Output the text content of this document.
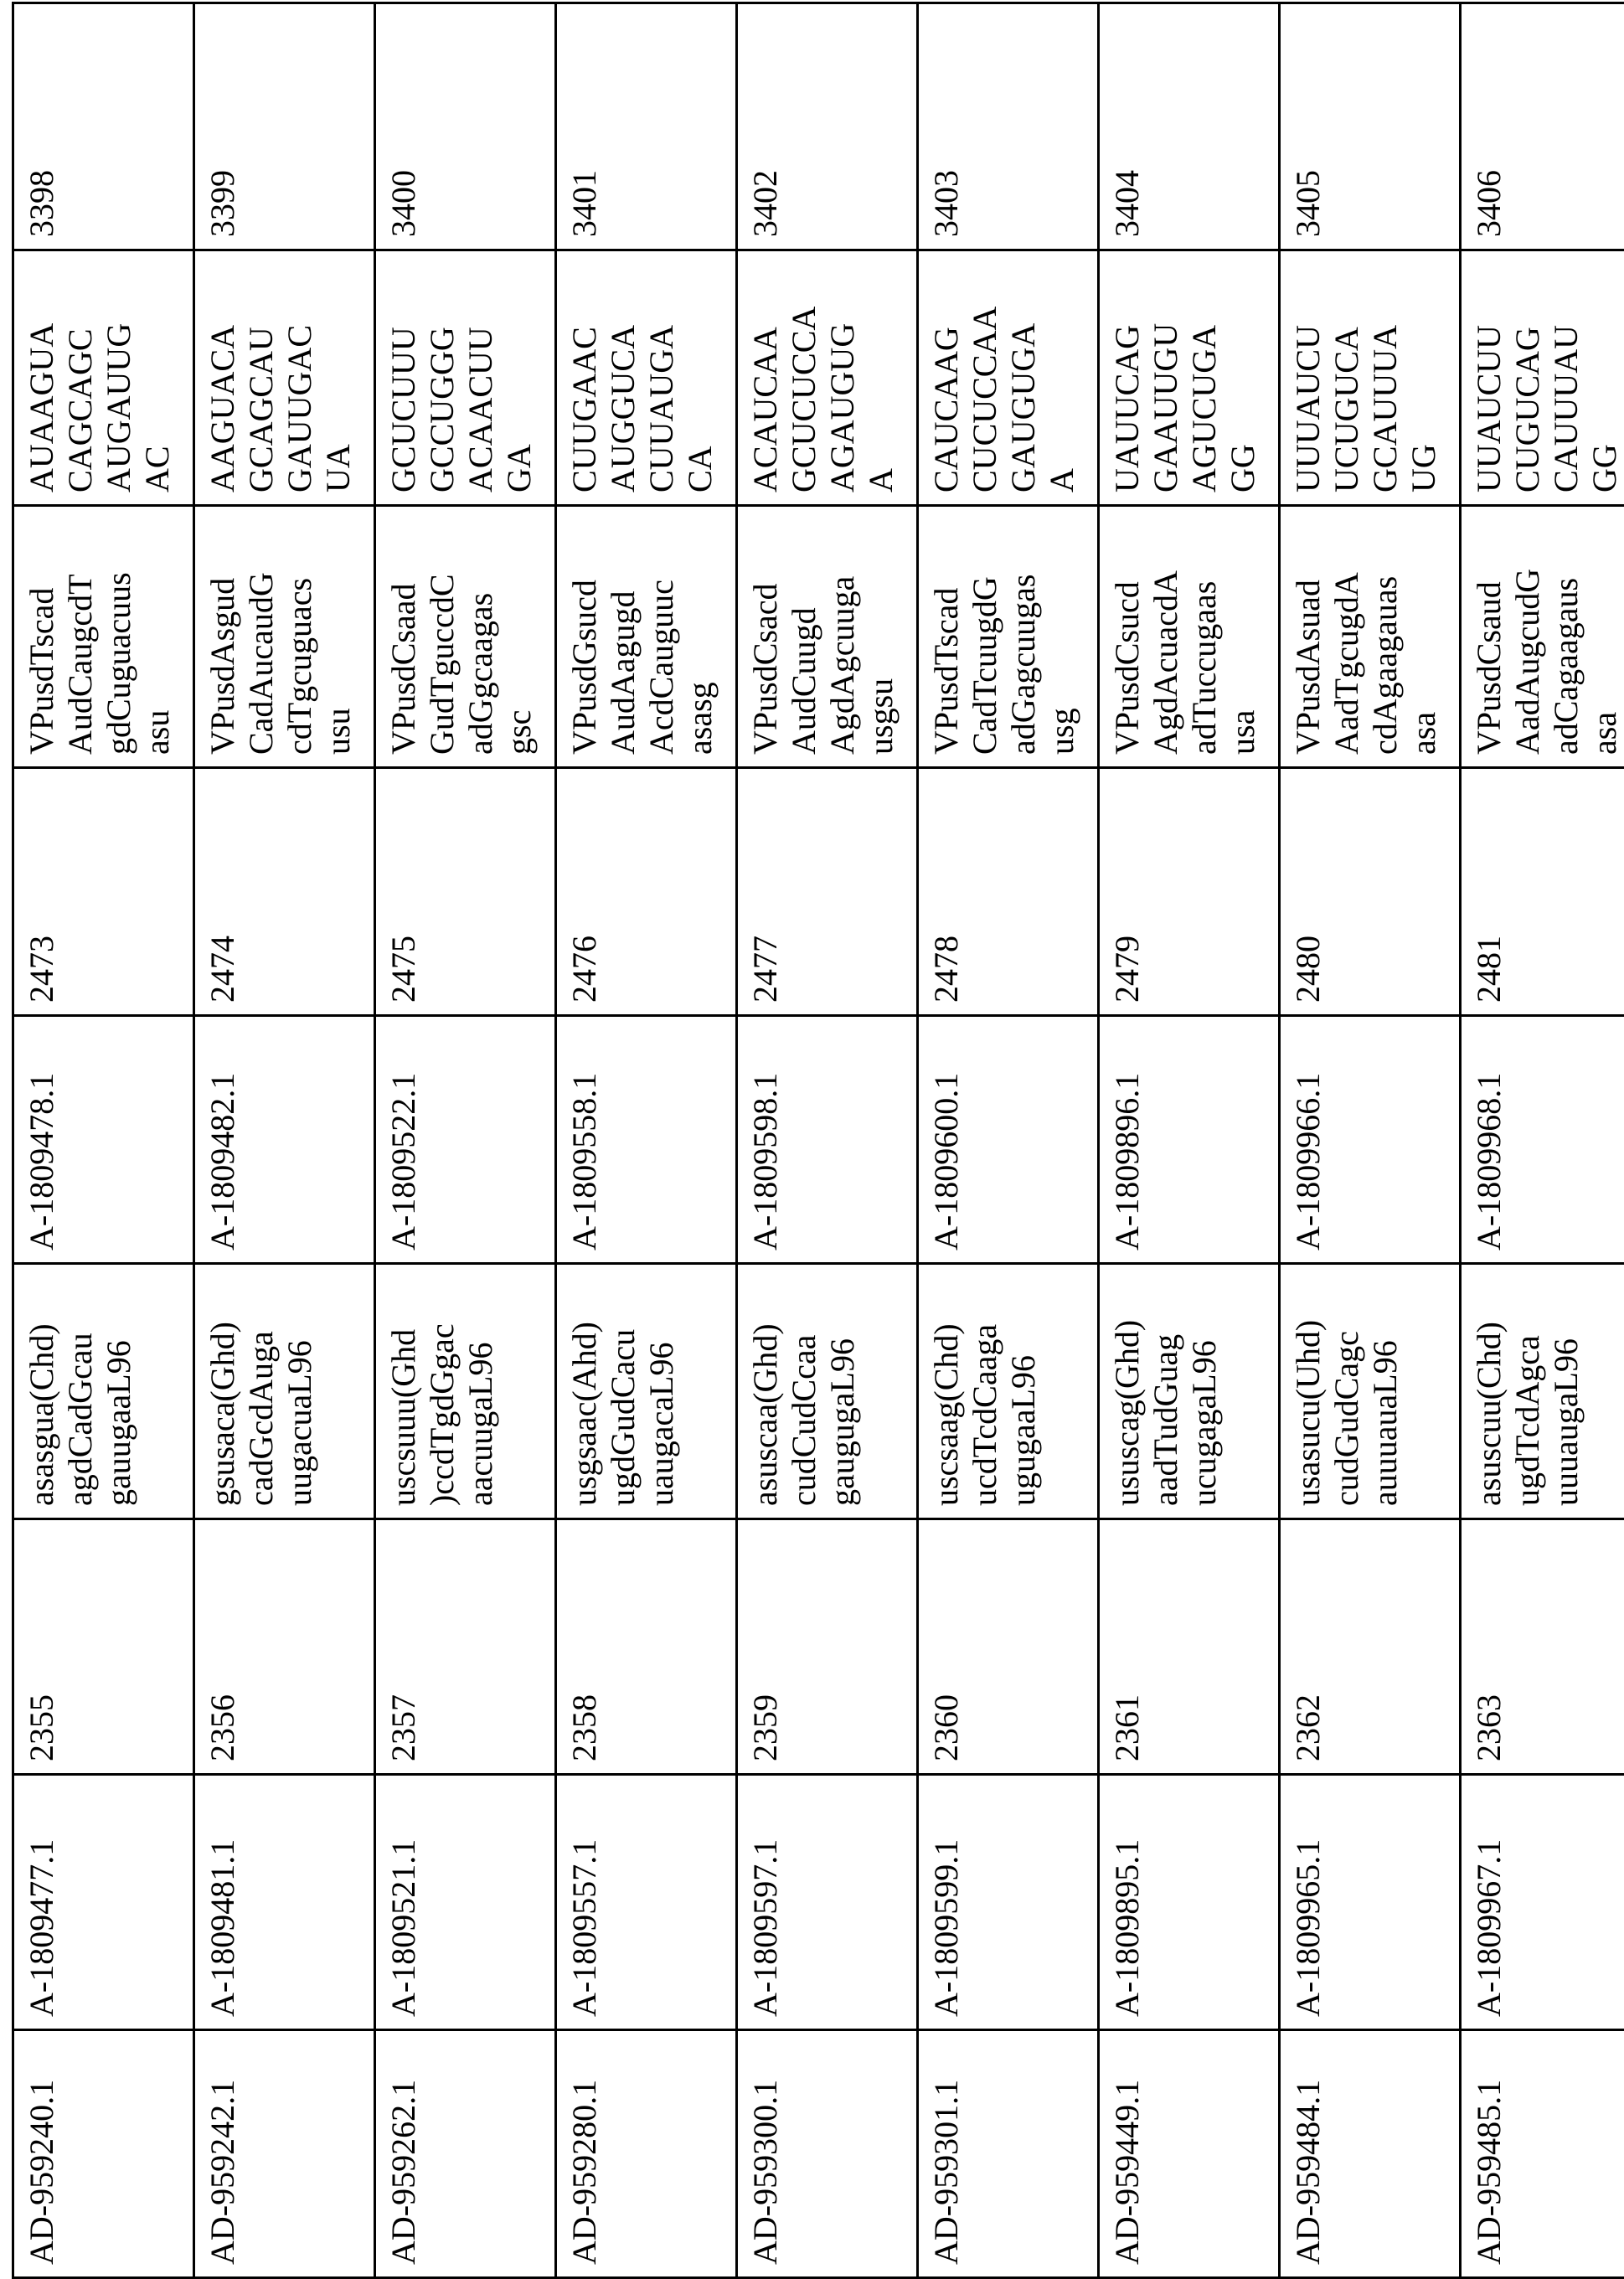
AD-959240.1

A-1809477.1

2355

asasgua(Chd) agdCadGcau gauugaaL96

A-1809478.1

2473

VPusdTscad AudCaugcdT gdCuguacuus asu

AUAAGUA CAGCAGC AUGAUUG AC

3398

AD-959242.1

A-1809481.1

2356

gsusaca(Ghd) cadGcdAuga uugacuaL96

A-1809482.1

2474

VPusdAsgud CadAucaudG cdTgcuguacs usu

AAGUACA GCAGCAU GAUUGAC UA

3399

AD-959262.1

A-1809521.1

2357

uscsuuu(Ghd )ccdTgdGgac aacuugaL96

A-1809522.1

2475

VPusdCsaad GudTguccdC adGgcaagas gsc

GCUCUUU GCCUGGG ACAACUU GA

3400

AD-959280.1

A-1809557.1

2358

usgsaac(Ahd) ugdGudCacu uaugacaL96

A-1809558.1

2476

VPusdGsucd AudAagugd AcdCauguuc asasg

CUUGAAC AUGGUCA CUUAUGA CA

3401

AD-959300.1

A-1809597.1

2359

asuscaa(Ghd) cudCudCcaa gaugugaL96

A-1809598.1

2477

VPusdCsacd AudCuugd AgdAgcuuga usgsu

ACAUCAA GCUCUCCA AGAUGUG A

3402

AD-959301.1

A-1809599.1

2360

uscsaag(Chd) ucdTcdCaaga ugugaaL96

A-1809600.1

2478

VPusdTscad CadTcuugdG adGagcuugas usg

CAUCAAG CUCUCCAA GAUGUGA A

3403

AD-959449.1

A-1809895.1

2361

ususcag(Ghd) aadTudGuag ucugagaL96

A-1809896.1

2479

VPusdCsucd AgdAcuacdA adTuccugaas usa

UAUUCAG GAAUUGU AGUCUGA GG

3404

AD-959484.1

A-1809965.1

2362

usasucu(Uhd) cudGudCagc auuuauaL96

A-1809966.1

2480

VPusdAsuad AadTgcugdA cdAgaagauas asa

UUUAUCU UCUGUCA GCAUUUA UG

3405

AD-959485.1

A-1809967.1

2363

asuscuu(Chd) ugdTcdAgca uuuaugaL96

A-1809968.1

2481

VPusdCsaud AadAugcudG adCagaagaus asa

UUAUCUU CUGUCAG CAUUUAU GG

3406
